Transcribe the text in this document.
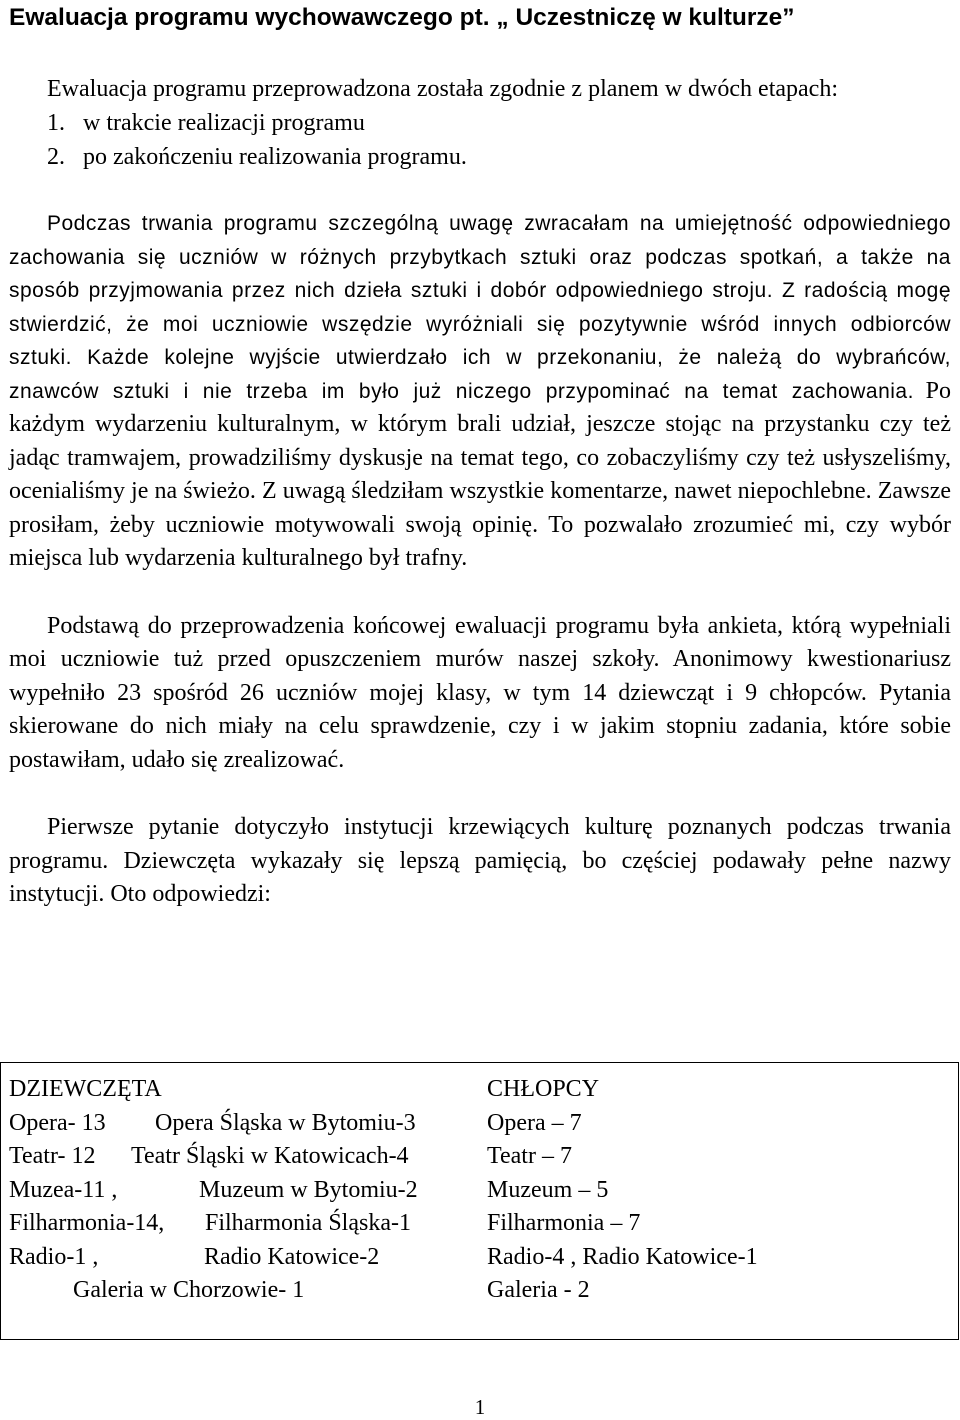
Ewaluacja programu wychowawczego pt. „ Uczestniczę w kulturze”

Ewaluacja programu przeprowadzona została zgodnie z planem w dwóch etapach:

1. w trakcie realizacji programu
2. po zakończeniu realizowania programu.

Podczas trwania programu szczególną uwagę zwracałam na umiejętność odpowiedniego zachowania się uczniów w różnych przybytkach sztuki oraz podczas spotkań, a także na sposób przyjmowania przez nich dzieła sztuki i dobór odpowiedniego stroju. Z radością mogę stwierdzić, że moi uczniowie wszędzie wyróżniali się pozytywnie wśród innych odbiorców sztuki. Każde kolejne wyjście utwierdzało ich w przekonaniu, że należą do wybrańców, znawców sztuki i nie trzeba im było już niczego przypominać na temat zachowania. Po każdym wydarzeniu kulturalnym, w którym brali udział, jeszcze stojąc na przystanku czy też jadąc tramwajem, prowadziliśmy dyskusje na temat tego, co zobaczyliśmy czy też usłyszeliśmy, ocenialiśmy je na świeżo. Z uwagą śledziłam wszystkie komentarze, nawet niepochlebne. Zawsze prosiłam, żeby uczniowie motywowali swoją opinię. To pozwalało zrozumieć mi, czy wybór miejsca lub wydarzenia kulturalnego był trafny.

Podstawą do przeprowadzenia końcowej ewaluacji programu była ankieta, którą wypełniali moi uczniowie tuż przed opuszczeniem murów naszej szkoły. Anonimowy kwestionariusz wypełniło 23 spośród 26 uczniów mojej klasy, w tym 14 dziewcząt i 9 chłopców. Pytania skierowane do nich miały na celu sprawdzenie, czy i w jakim stopniu zadania, które sobie postawiłam, udało się zrealizować.

Pierwsze pytanie dotyczyło instytucji krzewiących kulturę poznanych podczas trwania programu. Dziewczęta wykazały się lepszą pamięcią, bo częściej podawały pełne nazwy instytucji. Oto odpowiedzi:

DZIEWCZĘTA
Opera- 13 Opera Śląska w Bytomiu-3
Teatr- 12 Teatr Śląski w Katowicach-4
Muzea-11 ,	Muzeum w Bytomiu-2
Filharmonia-14, Filharmonia Śląska-1
Radio-1 ,	Radio Katowice-2
Galeria w Chorzowie- 1
CHŁOPCY
Opera – 7
Teatr – 7
Muzeum – 5
Filharmonia – 7
Radio-4 , Radio Katowice-1
Galeria - 2
1
